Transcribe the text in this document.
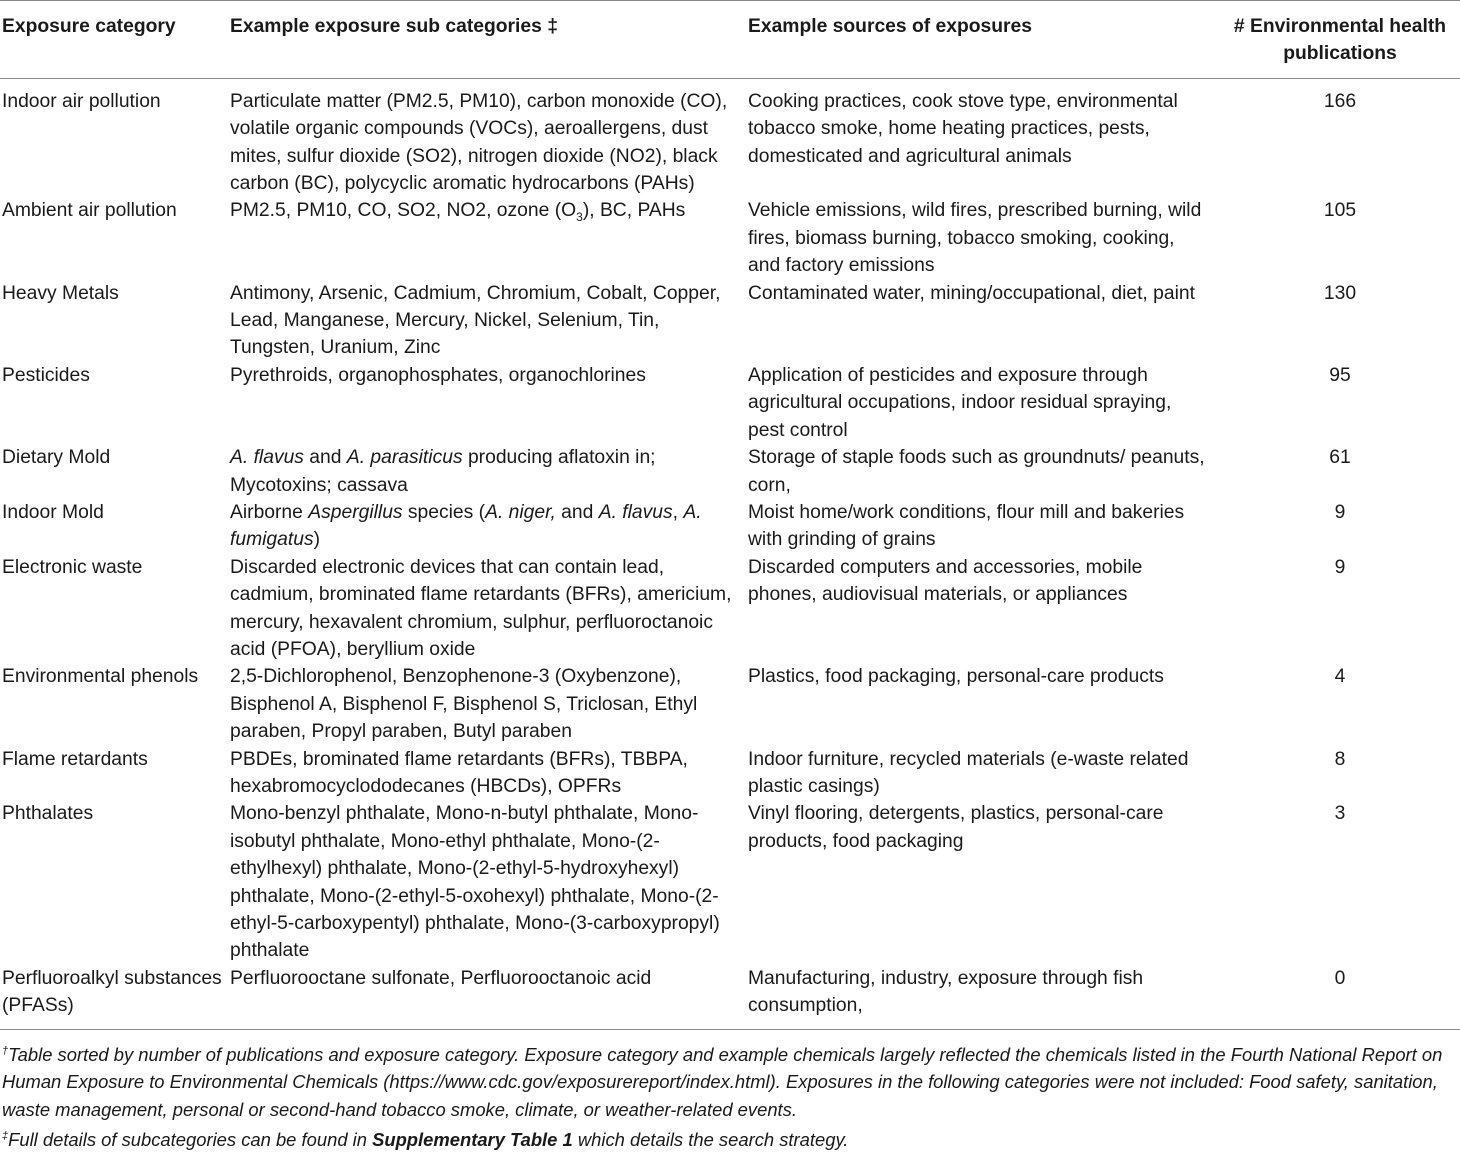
Exposure category	Example exposure sub categories ‡	Example sources of exposures	# Environmental health publications
Indoor air pollution	Particulate matter (PM2.5, PM10), carbon monoxide (CO), volatile organic compounds (VOCs), aeroallergens, dust mites, sulfur dioxide (SO2), nitrogen dioxide (NO2), black carbon (BC), polycyclic aromatic hydrocarbons (PAHs)	Cooking practices, cook stove type, environmental tobacco smoke, home heating practices, pests, domesticated and agricultural animals	166
Ambient air pollution	PM2.5, PM10, CO, SO2, NO2, ozone $(O_3)$, BC, PAHs	Vehicle emissions, wild fires, prescribed burning, wild fires, biomass burning, tobacco smoking, cooking, and factory emissions	105
Heavy Metals	Antimony, Arsenic, Cadmium, Chromium, Cobalt, Copper, Lead, Manganese, Mercury, Nickel, Selenium, Tin, Tungsten, Uranium, Zinc	Contaminated water, mining/occupational, diet, paint	130
Pesticides	Pyrethroids, organophosphates, organochlorines	Application of pesticides and exposure through agricultural occupations, indoor residual spraying, pest control	95
Dietary Mold	A. flavus and A. parasiticus producing aflatoxin in; Mycotoxins; cassava	Storage of staple foods such as groundnuts/ peanuts, corn,	61
Indoor Mold	Airborne Aspergillus species (A. niger, and A. flavus, A. fumigatus)	Moist home/work conditions, flour mill and bakeries with grinding of grains	9
Electronic waste	Discarded electronic devices that can contain lead, cadmium, brominated flame retardants (BFRs), americium, mercury, hexavalent chromium, sulphur, perfluoroctanoic acid (PFOA), beryllium oxide	Discarded computers and accessories, mobile phones, audiovisual materials, or appliances	9
Environmental phenols	2,5-Dichlorophenol, Benzophenone-3 (Oxybenzone), Bisphenol A, Bisphenol F, Bisphenol S, Triclosan, Ethyl paraben, Propyl paraben, Butyl paraben	Plastics, food packaging, personal-care products	4
Flame retardants	PBDEs, brominated flame retardants (BFRs), TBBPA, hexabromocyclododecanes (HBCDs), OPFRs	Indoor furniture, recycled materials (e-waste related plastic casings)	8
Phthalates	Mono-benzyl phthalate, Mono-n-butyl phthalate, Mono-isobutyl phthalate, Mono-ethyl phthalate, Mono-(2-ethylhexyl) phthalate, Mono-(2-ethyl-5-hydroxyhexyl) phthalate, Mono-(2-ethyl-5-oxohexyl) phthalate, Mono-(2-ethyl-5-carboxypentyl) phthalate, Mono-(3-carboxypropyl) phthalate	Vinyl flooring, detergents, plastics, personal-care products, food packaging	3
Perfluoroalkyl substances (PFASs)	Perfluorooctane sulfonate, Perfluorooctanoic acid	Manufacturing, industry, exposure through fish consumption,	0

†Table sorted by number of publications and exposure category. Exposure category and example chemicals largely reflected the chemicals listed in the Fourth National Report on Human Exposure to Environmental Chemicals (https://www.cdc.gov/exposurereport/index.html). Exposures in the following categories were not included: Food safety, sanitation, waste management, personal or second-hand tobacco smoke, climate, or weather-related events.

‡Full details of subcategories can be found in Supplementary Table 1 which details the search strategy.
